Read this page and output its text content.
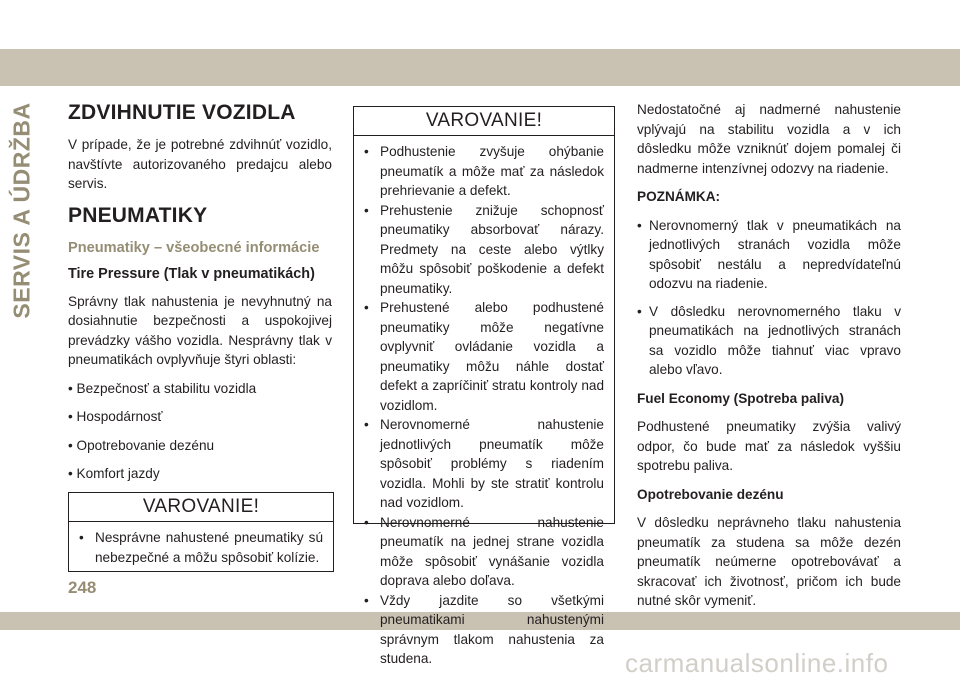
SERVIS A ÚDRŽBA ZDVIHNUTIE VOZIDLA

V prípade, že je potrebné zdvihnúť vozidlo, navštívte autorizovaného predajcu alebo servis.

PNEUMATIKY
Pneumatiky – všeobecné informácie
Tire Pressure (Tlak v pneumatikách)

Správny tlak nahustenia je nevyhnutný na dosiahnutie bezpečnosti a uspokojivej prevádzky vášho vozidla. Nesprávny tlak v pneumatikách ovplyvňuje štyri oblasti:

• Bezpečnosť a stabilitu vozidla

• Hospodárnosť

• Opotrebovanie dezénu

• Komfort jazdy

VAROVANIE!
• Nesprávne nahustené pneumatiky sú nebezpečné a môžu spôsobiť kolízie.
VAROVANIE!
• Podhustenie zvyšuje ohýbanie pneumatík a môže mať za následok prehrievanie a defekt.
• Prehustenie znižuje schopnosť pneumatiky absorbovať nárazy. Predmety na ceste alebo výtlky môžu spôsobiť poškodenie a defekt pneumatiky.
• Prehustené alebo podhustené pneumatiky môže negatívne ovplyvniť ovládanie vozidla a pneumatiky môžu náhle dostať defekt a zapríčiniť stratu kontroly nad vozidlom.
• Nerovnomerné nahustenie jednotlivých pneumatík môže spôsobiť problémy s riadením vozidla. Mohli by ste stratiť kontrolu nad vozidlom.
• Nerovnomerné nahustenie pneumatík na jednej strane vozidla môže spôsobiť vynášanie vozidla doprava alebo doľava.
• Vždy jazdite so všetkými pneumatikami nahustenými správnym tlakom nahustenia za studena.

Nedostatočné aj nadmerné nahustenie vplývajú na stabilitu vozidla a v ich dôsledku môže vzniknúť dojem pomalej či nadmerne intenzívnej odozvy na riadenie.

POZNÁMKA:

• Nerovnomerný tlak v pneumatikách na jednotlivých stranách vozidla môže spôsobiť nestálu a nepredvídateľnú odozvu na riadenie.
• V dôsledku nerovnomerného tlaku v pneumatikách na jednotlivých stranách sa vozidlo môže tiahnuť viac vpravo alebo vľavo.

Fuel Economy (Spotreba paliva)

Podhustené pneumatiky zvýšia valivý odpor, čo bude mať za následok vyššiu spotrebu paliva.

Opotrebovanie dezénu

V dôsledku neprávneho tlaku nahustenia pneumatík za studena sa môže dezén pneumatík neúmerne opotrebovávať a skracovať ich životnosť, pričom ich bude nutné skôr vymeniť.

248
carmanualsonline.info
